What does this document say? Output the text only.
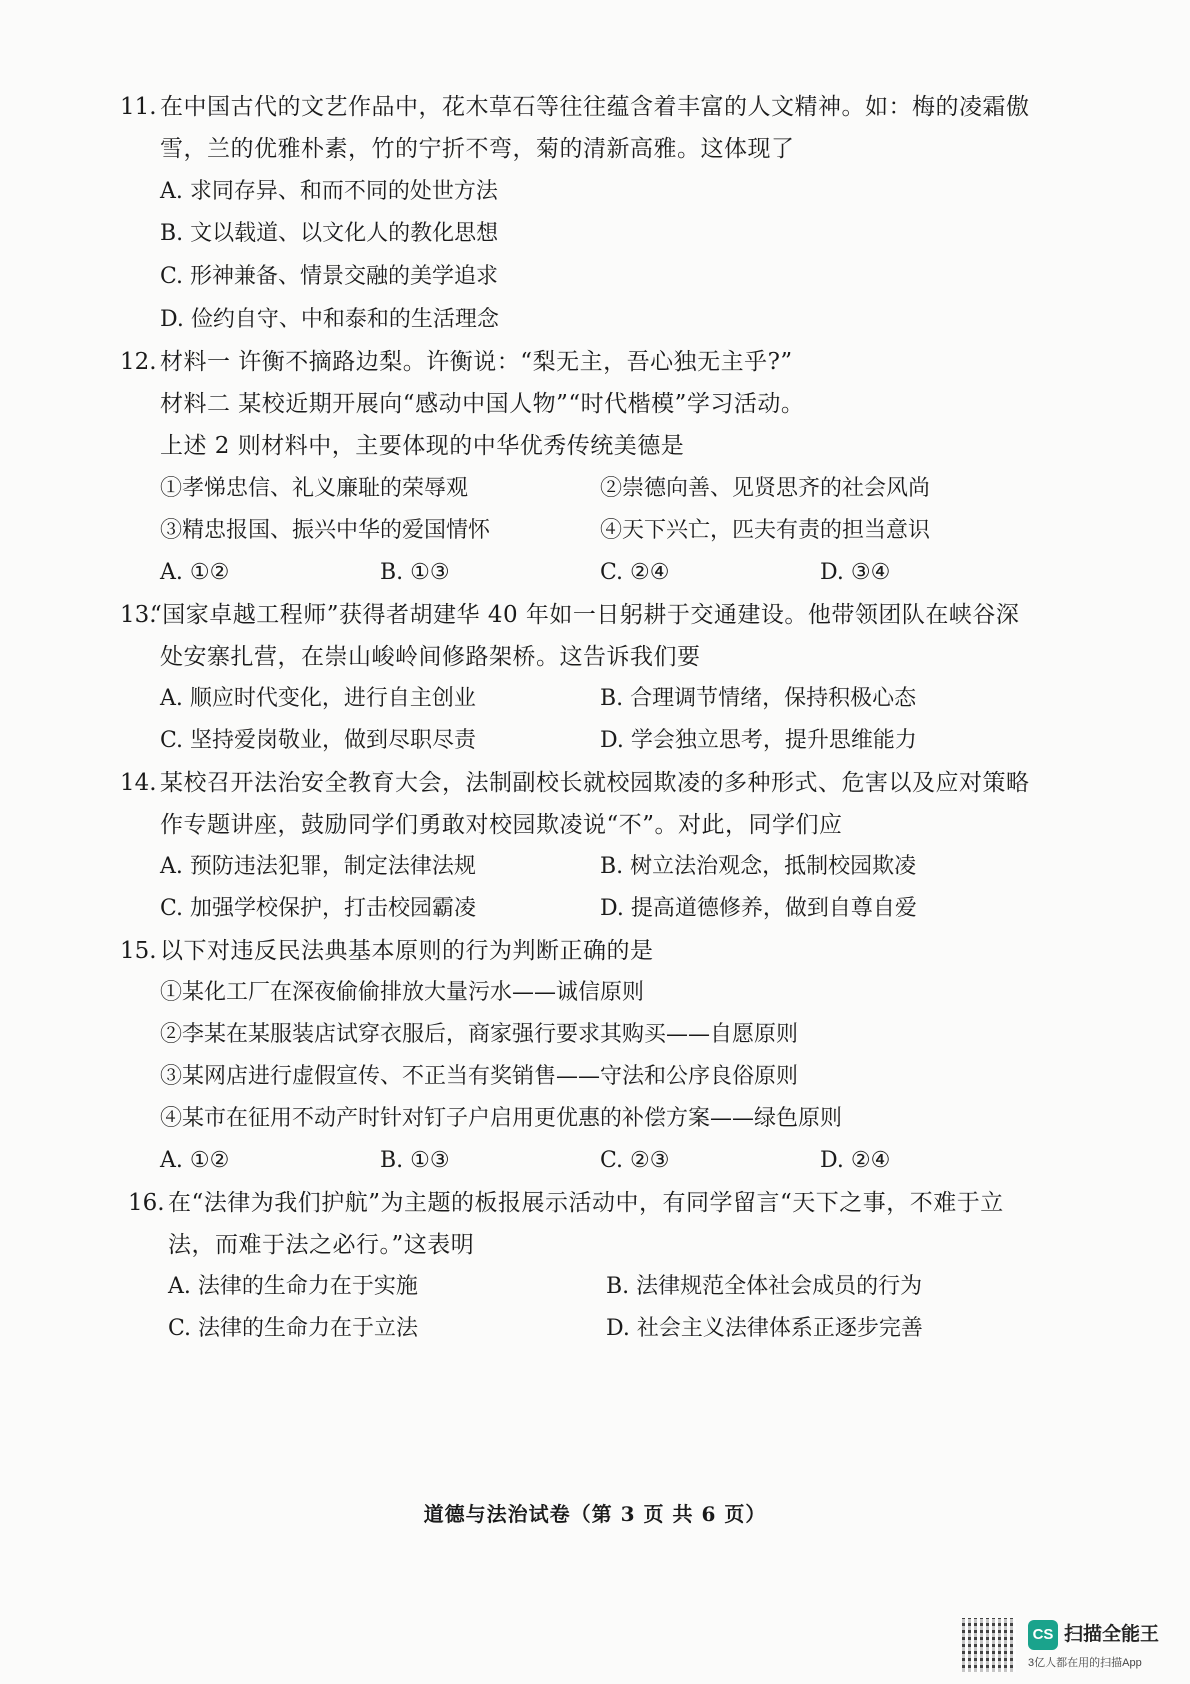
11. 在中国古代的文艺作品中，花木草石等往往蕴含着丰富的人文精神。如：梅的凌霜傲
雪，兰的优雅朴素，竹的宁折不弯，菊的清新高雅。这体现了
A. 求同存异、和而不同的处世方法
B. 文以载道、以文化人的教化思想
C. 形神兼备、情景交融的美学追求
D. 俭约自守、中和泰和的生活理念
12. 材料一 许衡不摘路边梨。许衡说：“梨无主，吾心独无主乎?”
材料二 某校近期开展向“感动中国人物”“时代楷模”学习活动。
上述 2 则材料中，主要体现的中华优秀传统美德是
①孝悌忠信、礼义廉耻的荣辱观	②崇德向善、见贤思齐的社会风尚
③精忠报国、振兴中华的爱国情怀	④天下兴亡，匹夫有责的担当意识
A. ①②	B. ①③	C. ②④	D. ③④
13.
“国家卓越工程师”获得者胡建华 40 年如一日躬耕于交通建设。他带领团队在峡谷深
处安寨扎营，在崇山峻岭间修路架桥。这告诉我们要
A. 顺应时代变化，进行自主创业	B. 合理调节情绪，保持积极心态
C. 坚持爱岗敬业，做到尽职尽责	D. 学会独立思考，提升思维能力
14. 某校召开法治安全教育大会，法制副校长就校园欺凌的多种形式、危害以及应对策略
作专题讲座，鼓励同学们勇敢对校园欺凌说“不”。对此，同学们应
A. 预防违法犯罪，制定法律法规	B. 树立法治观念，抵制校园欺凌
C. 加强学校保护，打击校园霸凌	D. 提高道德修养，做到自尊自爱
15. 以下对违反民法典基本原则的行为判断正确的是
①某化工厂在深夜偷偷排放大量污水——诚信原则
②李某在某服装店试穿衣服后，商家强行要求其购买——自愿原则
③某网店进行虚假宣传、不正当有奖销售——守法和公序良俗原则
④某市在征用不动产时针对钉子户启用更优惠的补偿方案——绿色原则
A. ①②	B. ①③	C. ②③	D. ②④
16. 在“法律为我们护航”为主题的板报展示活动中，有同学留言“天下之事，不难于立
法，而难于法之必行。”这表明
A. 法律的生命力在于实施	B. 法律规范全体社会成员的行为
C. 法律的生命力在于立法	D. 社会主义法律体系正逐步完善
道德与法治试卷（第 3 页 共 6 页）
CS 扫描全能王
3亿人都在用的扫描App
